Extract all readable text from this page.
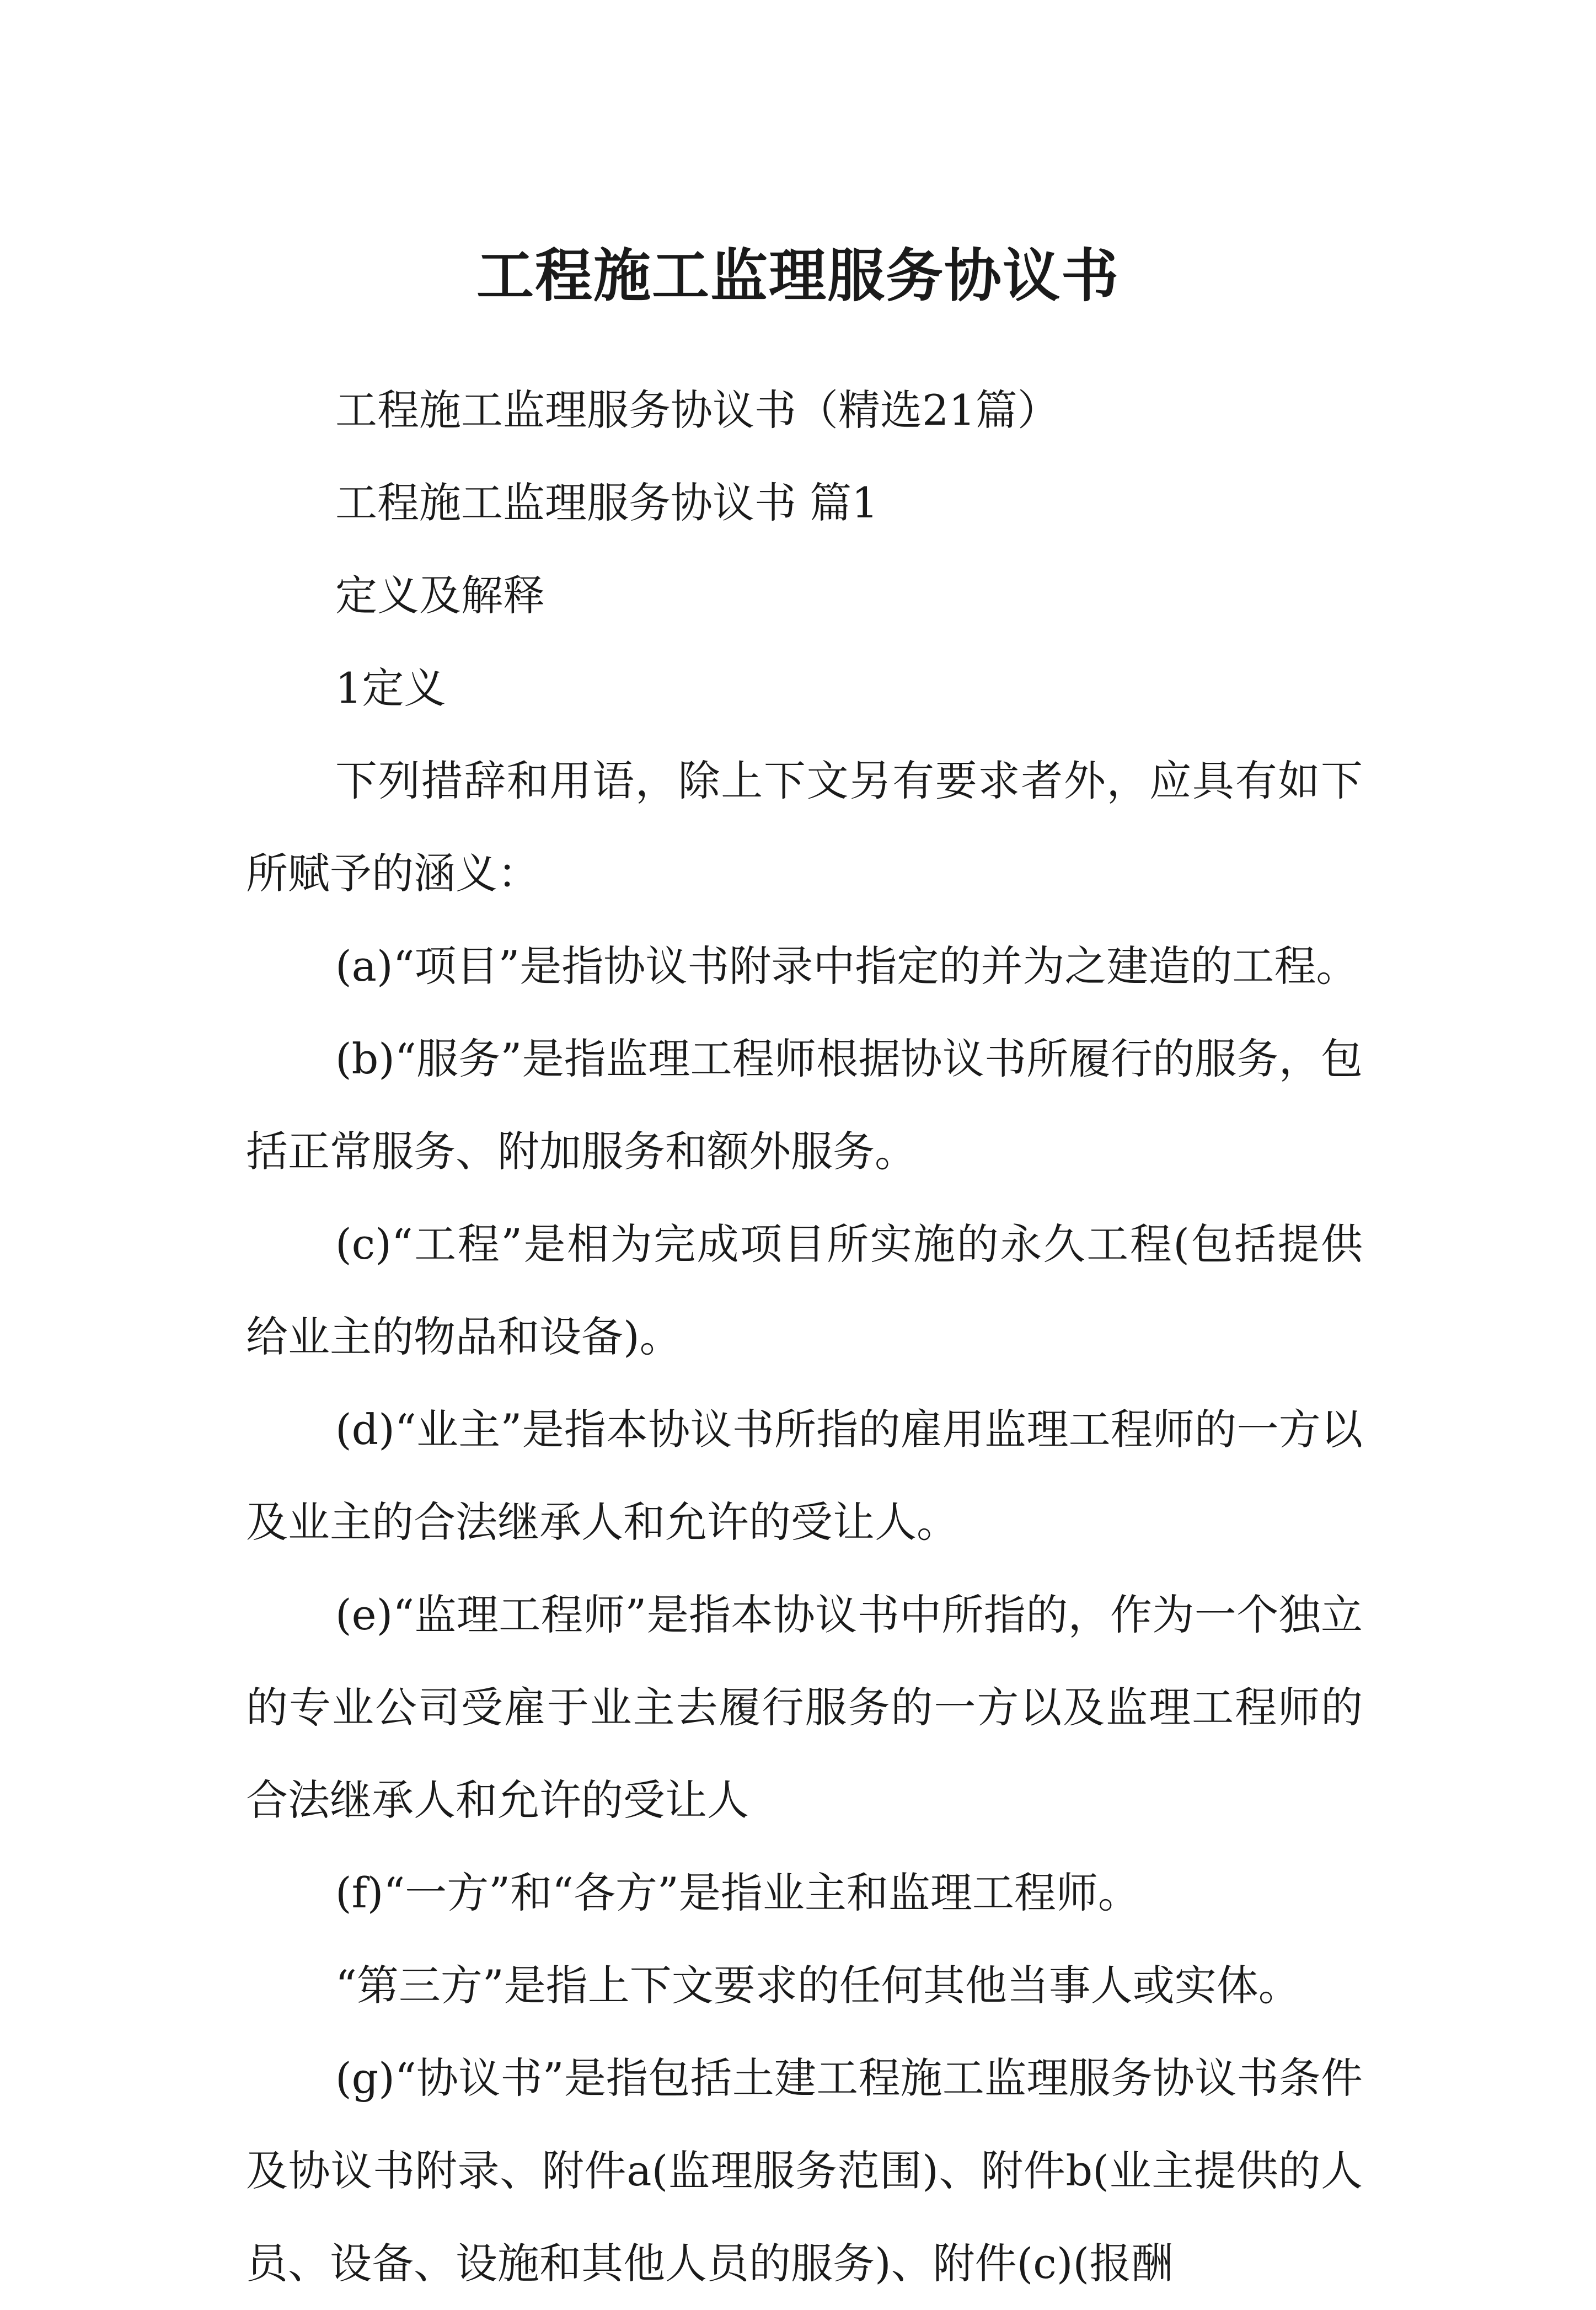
工程施工监理服务协议书

工程施工监理服务协议书（精选21篇）

工程施工监理服务协议书 篇1

定义及解释

1定义

下列措辞和用语，除上下文另有要求者外，应具有如下所赋予的涵义：

(a)“项目”是指协议书附录中指定的并为之建造的工程。

(b)“服务”是指监理工程师根据协议书所履行的服务，包括正常服务、附加服务和额外服务。

(c)“工程”是相为完成项目所实施的永久工程(包括提供给业主的物品和设备)。

(d)“业主”是指本协议书所指的雇用监理工程师的一方以及业主的合法继承人和允许的受让人。

(e)“监理工程师”是指本协议书中所指的，作为一个独立的专业公司受雇于业主去履行服务的一方以及监理工程师的合法继承人和允许的受让人

(f)“一方”和“各方”是指业主和监理工程师。

“第三方”是指上下文要求的任何其他当事人或实体。

(g)“协议书”是指包括土建工程施工监理服务协议书条件及协议书附录、附件a(监理服务范围)、附件b(业主提供的人员、设备、设施和其他人员的服务)、附件(c)(报酬
